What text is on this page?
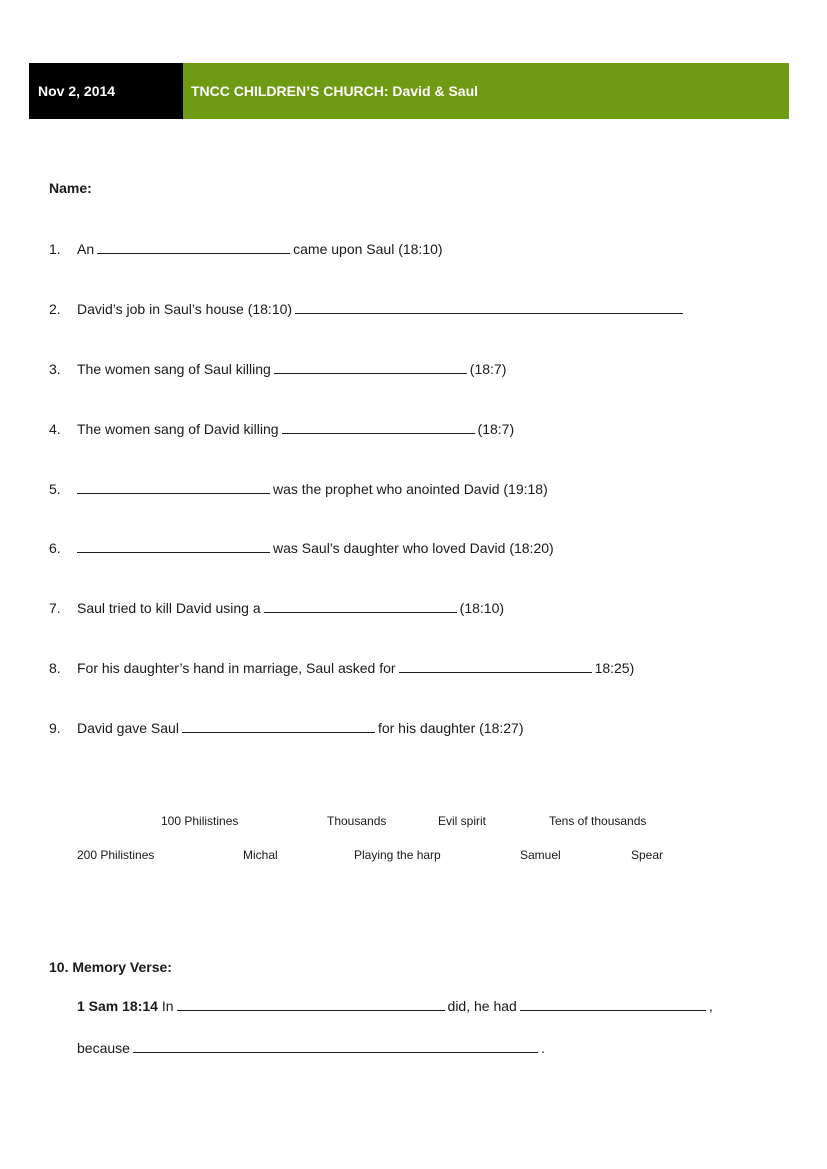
Nov 2, 2014	TNCC CHILDREN’S CHURCH: David & Saul
Name:
1. An	came upon Saul (18:10)
2. David’s job in Saul’s house (18:10)
3. The women sang of Saul killing	(18:7)
4. The women sang of David killing	(18:7)
5.	was the prophet who anointed David (19:18)
6.	was Saul’s daughter who loved David (18:20)
7. Saul tried to kill David using a	(18:10)
8. For his daughter’s hand in marriage, Saul asked for	18:25)
9. David gave Saul	for his daughter (18:27)
100 Philistines	Thousands	Evil spirit	Tens of thousands
200 Philistines	Michal	Playing the harp	Samuel	Spear
10. Memory Verse:
1 Sam 18:14 In	did, he had	,
because	.
